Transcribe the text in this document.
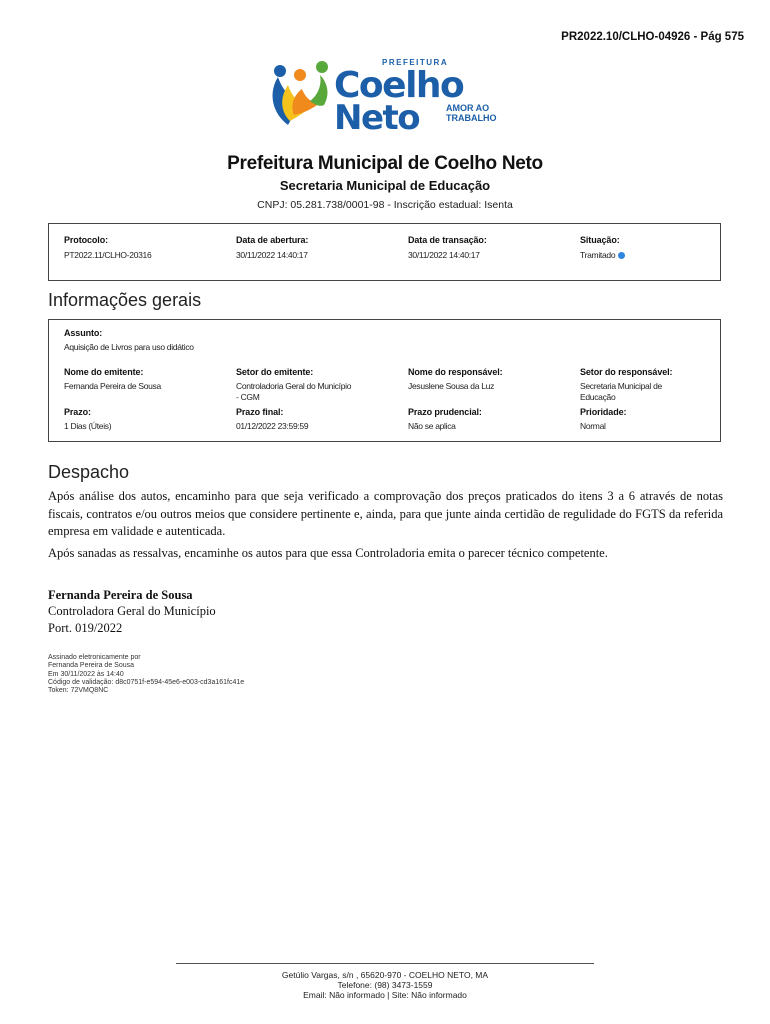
PR2022.10/CLHO-04926 - Pág 575
PREFEITURA
Coelho
Neto	AMOR AO
TRABALHO
Prefeitura Municipal de Coelho Neto
Secretaria Municipal de Educação
CNPJ: 05.281.738/0001-98 - Inscrição estadual: Isenta
Protocolo:
PT2022.11/CLHO-20316
Data de abertura:
30/11/2022 14:40:17
Data de transação:
30/11/2022 14:40:17
Situação:
Tramitado
Informações gerais
Assunto:
Aquisição de Livros para uso didático
Nome do emitente:
Fernanda Pereira de Sousa
Setor do emitente:
Controladoria Geral do Município
- CGM
Nome do responsável:
Jesuslene Sousa da Luz
Setor do responsável:
Secretaria Municipal de
Educação
Prazo:
1 Dias (Úteis)
Prazo final:
01/12/2022 23:59:59
Prazo prudencial:
Não se aplica
Prioridade:
Normal
Despacho
Após análise dos autos, encaminho para que seja verificado a comprovação dos preços praticados do itens 3 a 6 através de notas fiscais, contratos e/ou outros meios que considere pertinente e, ainda, para que junte ainda certidão de regulidade do FGTS da referida empresa em validade e autenticada.
Após sanadas as ressalvas, encaminhe os autos para que essa Controladoria emita o parecer técnico competente.
Fernanda Pereira de Sousa
Controladora Geral do Município
Port. 019/2022
Assinado eletronicamente por
Fernanda Pereira de Sousa
Em 30/11/2022 às 14:40
Código de validação: d8c0751f-e594-45e6-e003-cd3a161fc41e
Token: 72VMQ8NC
Getúlio Vargas, s/n , 65620-970 - COELHO NETO, MA
Telefone: (98) 3473-1559
Email: Não informado | Site: Não informado
